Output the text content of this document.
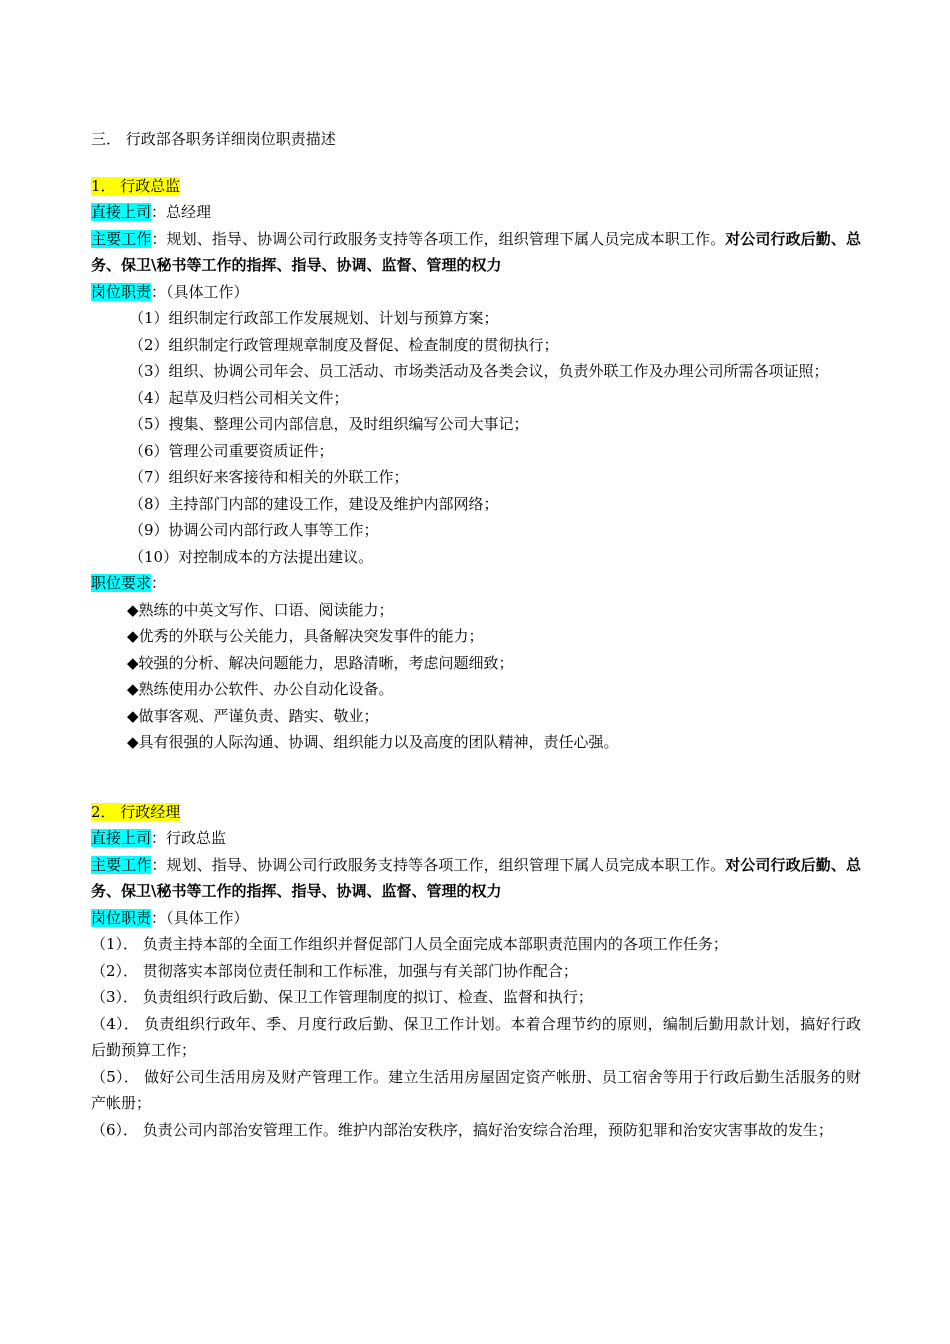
三． 行政部各职务详细岗位职责描述
1． 行政总监
直接上司：总经理
主要工作：规划、指导、协调公司行政服务支持等各项工作，组织管理下属人员完成本职工作。对公司行政后勤、总务、保卫\秘书等工作的指挥、指导、协调、监督、管理的权力
岗位职责：（具体工作）
（1）组织制定行政部工作发展规划、计划与预算方案；
（2）组织制定行政管理规章制度及督促、检查制度的贯彻执行；
（3）组织、协调公司年会、员工活动、市场类活动及各类会议，负责外联工作及办理公司所需各项证照；
（4）起草及归档公司相关文件；
（5）搜集、整理公司内部信息，及时组织编写公司大事记；
（6）管理公司重要资质证件；
（7）组织好来客接待和相关的外联工作；
（8）主持部门内部的建设工作，建设及维护内部网络；
（9）协调公司内部行政人事等工作；
（10）对控制成本的方法提出建议。
职位要求：
◆熟练的中英文写作、口语、阅读能力；
◆优秀的外联与公关能力，具备解决突发事件的能力；
◆较强的分析、解决问题能力，思路清晰，考虑问题细致；
◆熟练使用办公软件、办公自动化设备。
◆做事客观、严谨负责、踏实、敬业；
◆具有很强的人际沟通、协调、组织能力以及高度的团队精神，责任心强。
2． 行政经理
直接上司：行政总监
主要工作：规划、指导、协调公司行政服务支持等各项工作，组织管理下属人员完成本职工作。对公司行政后勤、总务、保卫\秘书等工作的指挥、指导、协调、监督、管理的权力
岗位职责：（具体工作）
（1）． 负责主持本部的全面工作组织并督促部门人员全面完成本部职责范围内的各项工作任务；
（2）． 贯彻落实本部岗位责任制和工作标准，加强与有关部门协作配合；
（3）． 负责组织行政后勤、保卫工作管理制度的拟订、检查、监督和执行；
（4）． 负责组织行政年、季、月度行政后勤、保卫工作计划。本着合理节约的原则，编制后勤用款计划，搞好行政后勤预算工作；
（5）． 做好公司生活用房及财产管理工作。建立生活用房屋固定资产帐册、员工宿舍等用于行政后勤生活服务的财产帐册；
（6）． 负责公司内部治安管理工作。维护内部治安秩序，搞好治安综合治理，预防犯罪和治安灾害事故的发生；
